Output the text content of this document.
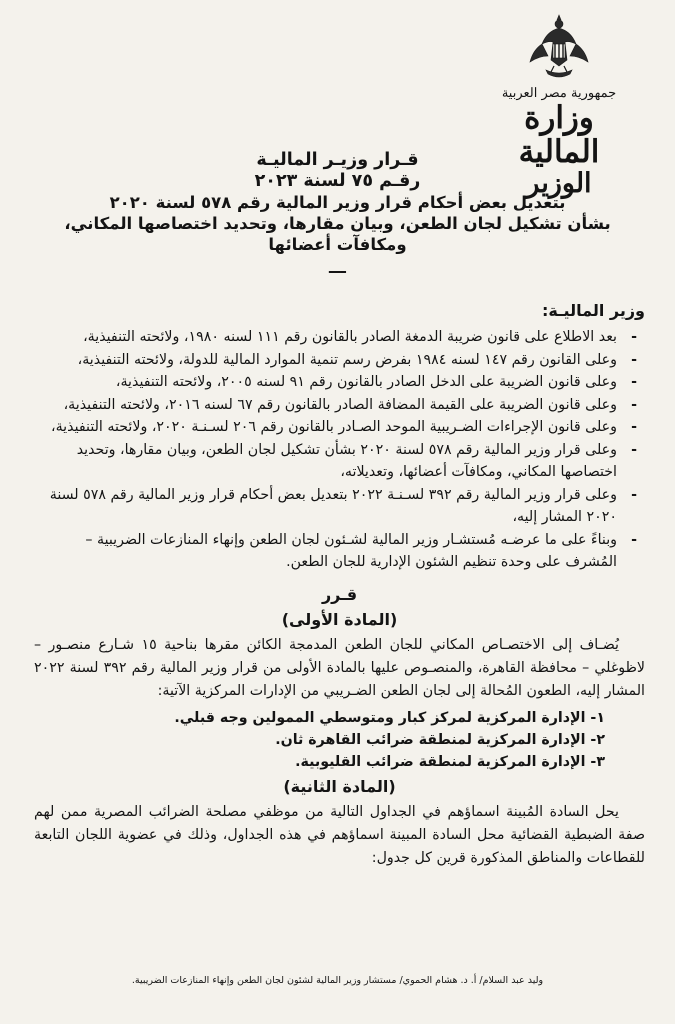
جمهورية مصر العربية
وزارة المالية
الوزير
قـرار وزيـر الماليـة
رقـم ٧٥ لسنة ٢٠٢٣
بتعديل بعض أحكام قرار وزير المالية رقم ٥٧٨ لسنة ٢٠٢٠
بشأن تشكيل لجان الطعن، وبيان مقارها، وتحديد اختصاصها المكاني،
ومكافآت أعضائها
ـــ
وزير الماليـة:
- بعد الاطلاع على قانون ضريبة الدمغة الصادر بالقانون رقم ١١١ لسنه ١٩٨٠، ولائحته التنفيذية،
- وعلى القانون رقم ١٤٧ لسنه ١٩٨٤ بفرض رسم تنمية الموارد المالية للدولة، ولائحته التنفيذية،
- وعلى قانون الضريبة على الدخل الصادر بالقانون رقم ٩١ لسنه ٢٠٠٥، ولائحته التنفيذية،
- وعلى قانون الضريبة على القيمة المضافة الصادر بالقانون رقم ٦٧ لسنه ٢٠١٦، ولائحته التنفيذية،
- وعلى قانون الإجراءات الضـريبية الموحد الصـادر بالقانون رقم ٢٠٦ لسـنـة ٢٠٢٠، ولائحته التنفيذية،
- وعلى قرار وزير المالية رقم ٥٧٨ لسنة ٢٠٢٠ بشأن تشكيل لجان الطعن، وبيان مقارها، وتحديد اختصاصها المكاني، ومكافآت أعضائها، وتعديلاته،
- وعلى قرار وزير المالية رقم ٣٩٢ لسـنـة ٢٠٢٢ بتعديل بعض أحكام قرار وزير المالية رقم ٥٧٨ لسنة ٢٠٢٠ المشار إليه،
- وبناءً على ما عرضـه مُستشـار وزير المالية لشـئون لجان الطعن وإنهاء المنازعات الضريبية – المُشرف على وحدة تنظيم الشئون الإدارية للجان الطعن.
قـرر
(المادة الأولى)

يُضـاف إلى الاختصـاص المكاني للجان الطعن المدمجة الكائن مقرها بناحية ١٥ شـارع منصـور – لاظوغلي – محافظة القاهرة، والمنصـوص عليها بالمادة الأولى من قرار وزير المالية رقم ٣٩٢ لسنة ٢٠٢٢ المشار إليه، الطعون المُحالة إلى لجان الطعن الضـريبي من الإدارات المركزية الآتية:

١- الإدارة المركزية لمركز كبار ومتوسطي الممولين وجه قبلي.
٢- الإدارة المركزية لمنطقة ضرائب القاهرة ثان.
٣- الإدارة المركزية لمنطقة ضرائب القليوبية.
(المادة الثانية)

يحل السادة المُبينة اسماؤهم في الجداول التالية من موظفي مصلحة الضرائب المصرية ممن لهم صفة الضبطية القضائية محل السادة المبينة اسماؤهم في هذه الجداول، وذلك في عضوية اللجان التابعة للقطاعات والمناطق المذكورة قرين كل جدول:

وليد عبد السلام/ أ. د. هشام الحموي/ مستشار وزير المالية لشئون لجان الطعن وإنهاء المنازعات الضريبية.
